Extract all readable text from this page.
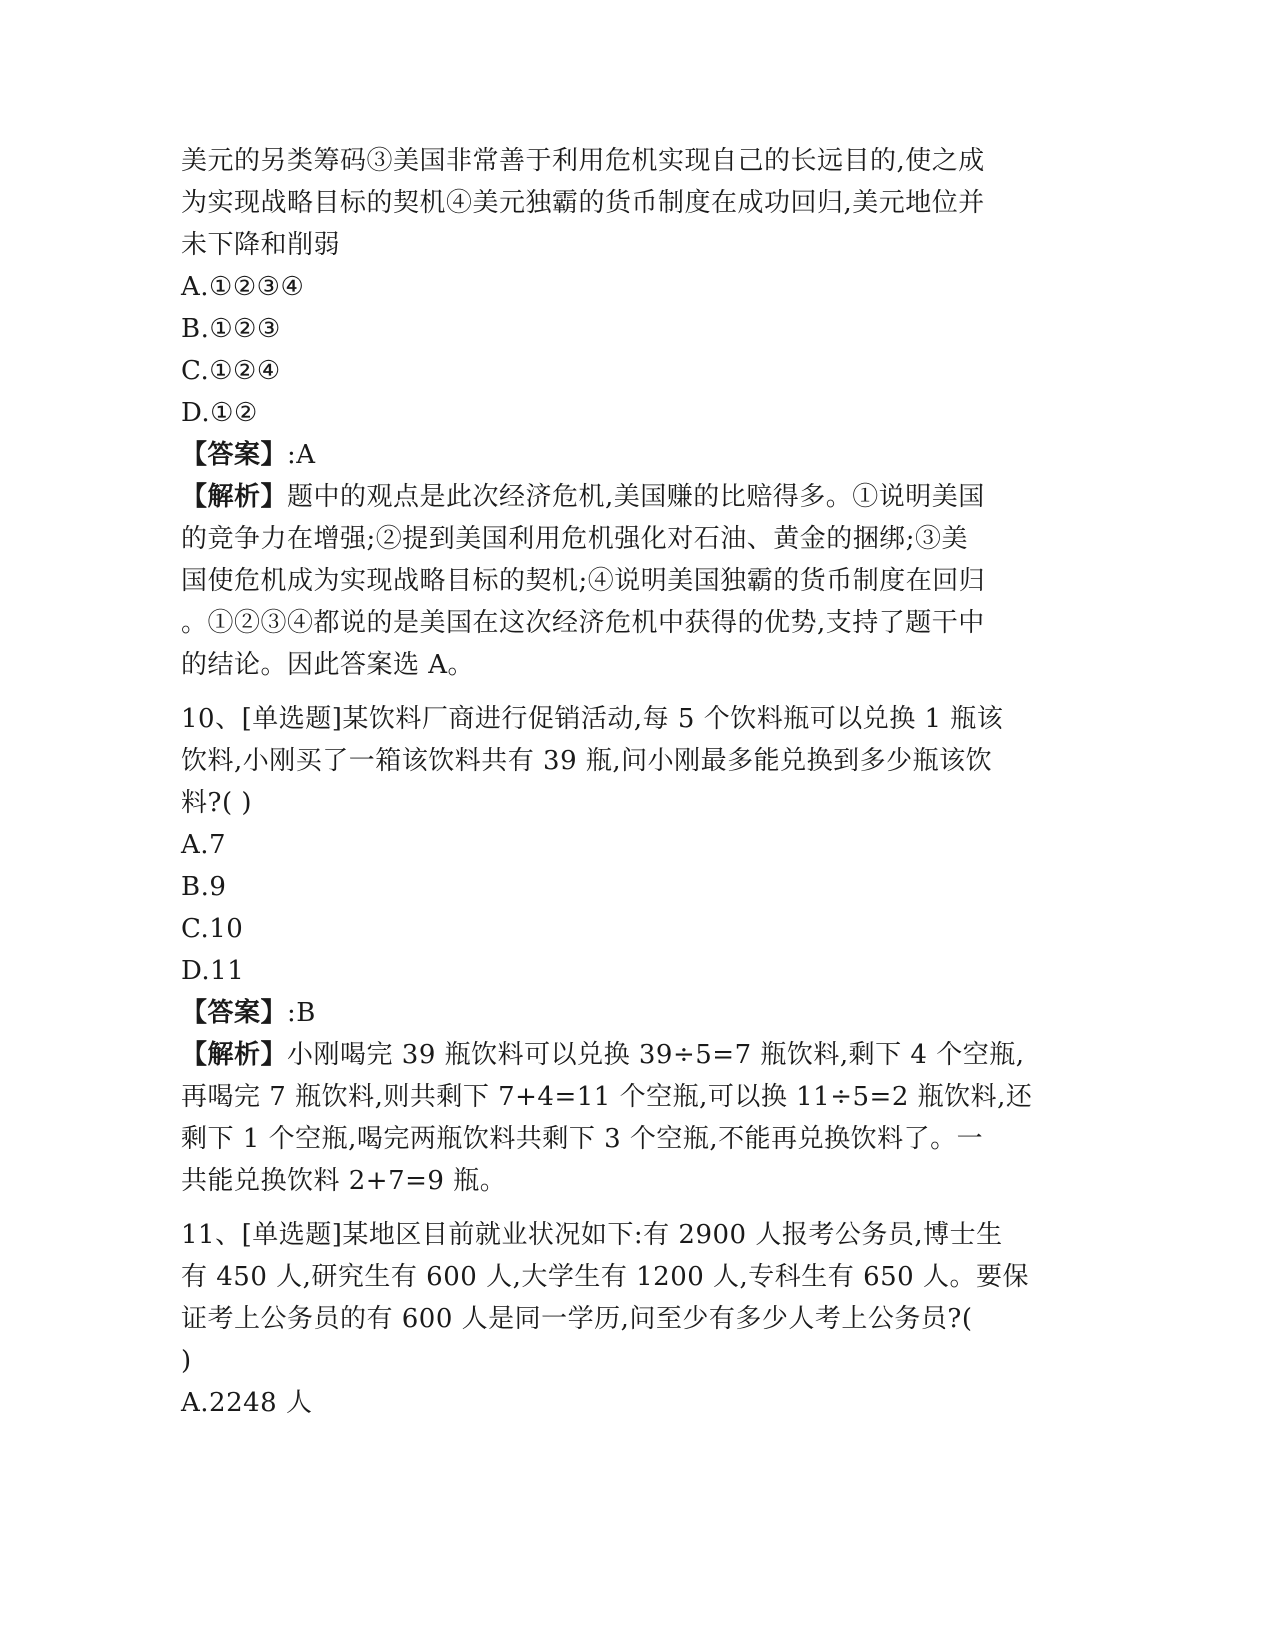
美元的另类筹码③美国非常善于利用危机实现自己的长远目的,使之成
为实现战略目标的契机④美元独霸的货币制度在成功回归,美元地位并
未下降和削弱
A.①②③④
B.①②③
C.①②④
D.①②
【答案】:A
【解析】题中的观点是此次经济危机,美国赚的比赔得多。①说明美国
的竞争力在增强;②提到美国利用危机强化对石油、黄金的捆绑;③美
国使危机成为实现战略目标的契机;④说明美国独霸的货币制度在回归
。①②③④都说的是美国在这次经济危机中获得的优势,支持了题干中
的结论。因此答案选 A。
10、[单选题]某饮料厂商进行促销活动,每 5 个饮料瓶可以兑换 1 瓶该
饮料,小刚买了一箱该饮料共有 39 瓶,问小刚最多能兑换到多少瓶该饮
料?( )
A.7
B.9
C.10
D.11
【答案】:B
【解析】小刚喝完 39 瓶饮料可以兑换 39÷5=7 瓶饮料,剩下 4 个空瓶,
再喝完 7 瓶饮料,则共剩下 7+4=11 个空瓶,可以换 11÷5=2 瓶饮料,还
剩下 1 个空瓶,喝完两瓶饮料共剩下 3 个空瓶,不能再兑换饮料了。一
共能兑换饮料 2+7=9 瓶。
11、[单选题]某地区目前就业状况如下:有 2900 人报考公务员,博士生
有 450 人,研究生有 600 人,大学生有 1200 人,专科生有 650 人。要保
证考上公务员的有 600 人是同一学历,问至少有多少人考上公务员?(
)
A.2248 人
